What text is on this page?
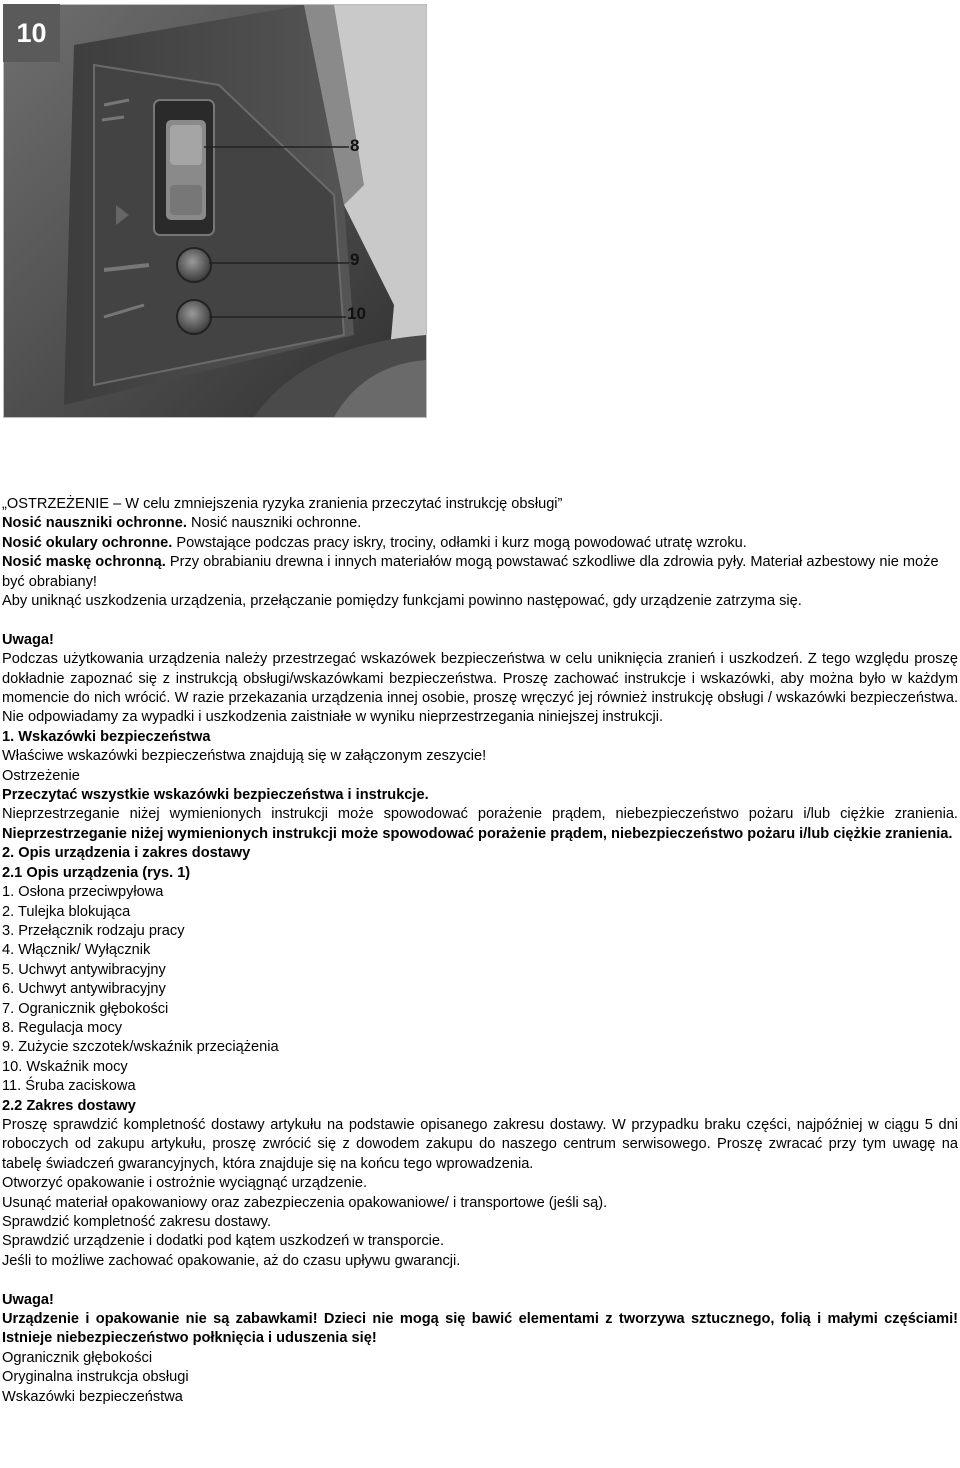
10
8
9
10

„OSTRZEŻENIE – W celu zmniejszenia ryzyka zranienia przeczytać instrukcję obsługi”

Nosić nauszniki ochronne. Nosić nauszniki ochronne.

Nosić okulary ochronne. Powstające podczas pracy iskry, trociny, odłamki i kurz mogą powodować utratę wzroku.

Nosić maskę ochronną. Przy obrabianiu drewna i innych materiałów mogą powstawać szkodliwe dla zdrowia pyły. Materiał azbestowy nie może być obrabiany!

Aby uniknąć uszkodzenia urządzenia, przełączanie pomiędzy funkcjami powinno następować, gdy urządzenie zatrzyma się.

Uwaga!

Podczas użytkowania urządzenia należy przestrzegać wskazówek bezpieczeństwa w celu uniknięcia zranień i uszkodzeń. Z tego względu proszę dokładnie zapoznać się z instrukcją obsługi/wskazówkami bezpieczeństwa. Proszę zachować instrukcje i wskazówki, aby można było w każdym momencie do nich wrócić. W razie przekazania urządzenia innej osobie, proszę wręczyć jej również instrukcję obsługi / wskazówki bezpieczeństwa. Nie odpowiadamy za wypadki i uszkodzenia zaistniałe w wyniku nieprzestrzegania niniejszej instrukcji.

1. Wskazówki bezpieczeństwa

Właściwe wskazówki bezpieczeństwa znajdują się w załączonym zeszycie!

Ostrzeżenie

Przeczytać wszystkie wskazówki bezpieczeństwa i instrukcje.

Nieprzestrzeganie niżej wymienionych instrukcji może spowodować porażenie prądem, niebezpieczeństwo pożaru i/lub ciężkie zranienia. Nieprzestrzeganie niżej wymienionych instrukcji może spowodować porażenie prądem, niebezpieczeństwo pożaru i/lub ciężkie zranienia.

2. Opis urządzenia i zakres dostawy

2.1 Opis urządzenia (rys. 1)

1. Osłona przeciwpyłowa

2. Tulejka blokująca

3. Przełącznik rodzaju pracy

4. Włącznik/ Wyłącznik

5. Uchwyt antywibracyjny

6. Uchwyt antywibracyjny

7. Ogranicznik głębokości

8. Regulacja mocy

9. Zużycie szczotek/wskaźnik przeciążenia

10. Wskaźnik mocy

11. Śruba zaciskowa

2.2 Zakres dostawy

Proszę sprawdzić kompletność dostawy artykułu na podstawie opisanego zakresu dostawy. W przypadku braku części, najpóźniej w ciągu 5 dni roboczych od zakupu artykułu, proszę zwrócić się z dowodem zakupu do naszego centrum serwisowego. Proszę zwracać przy tym uwagę na tabelę świadczeń gwarancyjnych, która znajduje się na końcu tego wprowadzenia.

Otworzyć opakowanie i ostrożnie wyciągnąć urządzenie.

Usunąć materiał opakowaniowy oraz zabezpieczenia opakowaniowe/ i transportowe (jeśli są).

Sprawdzić kompletność zakresu dostawy.

Sprawdzić urządzenie i dodatki pod kątem uszkodzeń w transporcie.

Jeśli to możliwe zachować opakowanie, aż do czasu upływu gwarancji.

Uwaga!

Urządzenie i opakowanie nie są zabawkami! Dzieci nie mogą się bawić elementami z tworzywa sztucznego, folią i małymi częściami! Istnieje niebezpieczeństwo połknięcia i uduszenia się!

Ogranicznik głębokości

Oryginalna instrukcja obsługi

Wskazówki bezpieczeństwa
